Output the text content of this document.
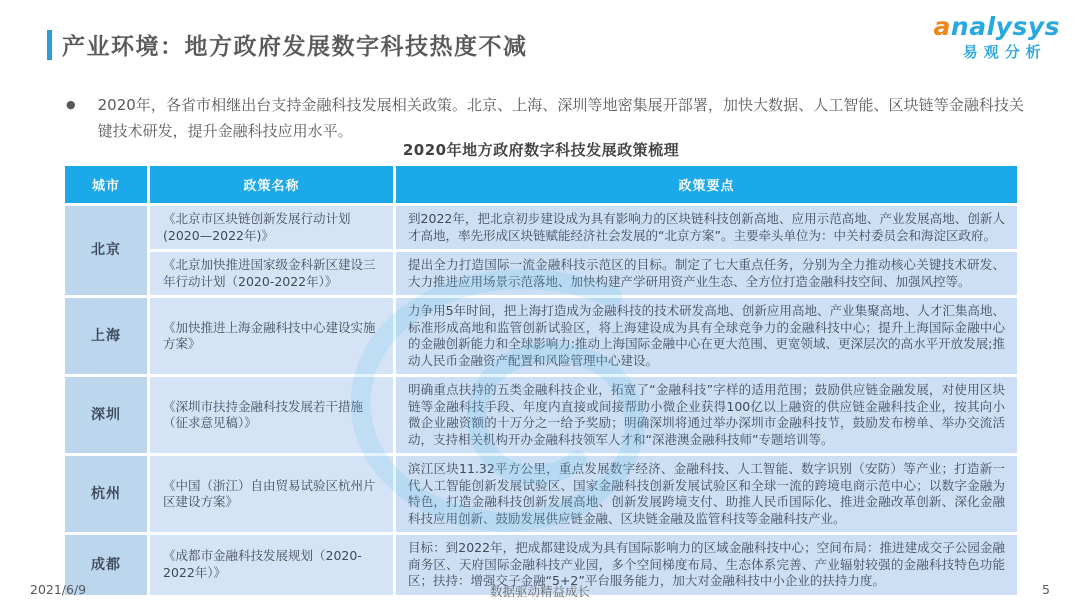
产业环境：地方政府发展数字科技热度不减
analysys
易观分析
● 2020年，各省市相继出台支持金融科技发展相关政策。北京、上海、深圳等地密集展开部署，加快大数据、人工智能、区块链等金融科技关键技术研发，提升金融科技应用水平。
2020年地方政府数字科技发展政策梳理
城市	政策名称	政策要点
北京	《北京市区块链创新发展行动计划(2020—2022年)》	到2022年，把北京初步建设成为具有影响力的区块链科技创新高地、应用示范高地、产业发展高地、创新人才高地，率先形成区块链赋能经济社会发展的“北京方案”。主要牵头单位为：中关村委员会和海淀区政府。
	《北京加快推进国家级金科新区建设三年行动计划（2020-2022年）》	提出全力打造国际一流金融科技示范区的目标。制定了七大重点任务，分别为全力推动核心关键技术研发、大力推进应用场景示范落地、加快构建产学研用资产业生态、全方位打造金融科技空间、加强风控等。
上海	《加快推进上海金融科技中心建设实施方案》	力争用5年时间，把上海打造成为金融科技的技术研发高地、创新应用高地、产业集聚高地、人才汇集高地、标准形成高地和监管创新试验区，将上海建设成为具有全球竞争力的金融科技中心；提升上海国际金融中心的金融创新能力和全球影响力:推动上海国际金融中心在更大范围、更宽领域、更深层次的高水平开放发展;推动人民币金融资产配置和风险管理中心建设。
深圳	《深圳市扶持金融科技发展若干措施（征求意见稿）》	明确重点扶持的五类金融科技企业，拓宽了“金融科技”字样的适用范围；鼓励供应链金融发展，对使用区块链等金融科技手段、年度内直接或间接帮助小微企业获得100亿以上融资的供应链金融科技企业，按其向小微企业融资额的十万分之一给予奖励；明确深圳将通过举办深圳市金融科技节，鼓励发布榜单、举办交流活动，支持相关机构开办金融科技领军人才和“深港澳金融科技师”专题培训等。
杭州	《中国（浙江）自由贸易试验区杭州片区建设方案》	滨江区块11.32平方公里，重点发展数字经济、金融科技、人工智能、数字识别（安防）等产业；打造新一代人工智能创新发展试验区、国家金融科技创新发展试验区和全球一流的跨境电商示范中心；以数字金融为特色，打造金融科技创新发展高地、创新发展跨境支付、助推人民币国际化、推进金融改革创新、深化金融科技应用创新、鼓励发展供应链金融、区块链金融及监管科技等金融科技产业。
成都	《成都市金融科技发展规划（2020-2022年）》	目标：到2022年，把成都建设成为具有国际影响力的区域金融科技中心；空间布局：推进建成交子公园金融商务区、天府国际金融科技产业园，多个空间梯度布局、生态体系完善、产业辐射较强的金融科技特色功能区；扶持：增强交子金融“5+2”平台服务能力，加大对金融科技中小企业的扶持力度。
2021/6/9	数据驱动精益成长	5
